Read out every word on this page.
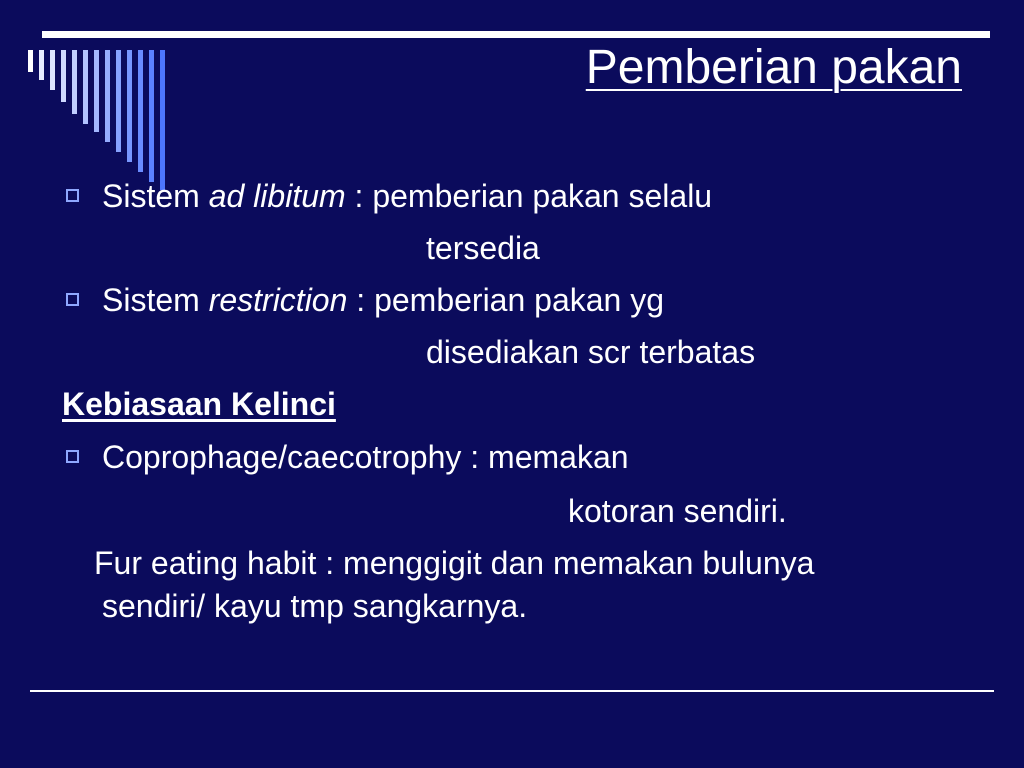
Pemberian pakan
Sistem ad libitum : pemberian pakan selalu
tersedia
Sistem restriction : pemberian pakan yg
disediakan scr terbatas
Kebiasaan Kelinci
Coprophage/caecotrophy : memakan
kotoran sendiri.
Fur eating habit : menggigit dan memakan bulunya
sendiri/ kayu tmp sangkarnya.
